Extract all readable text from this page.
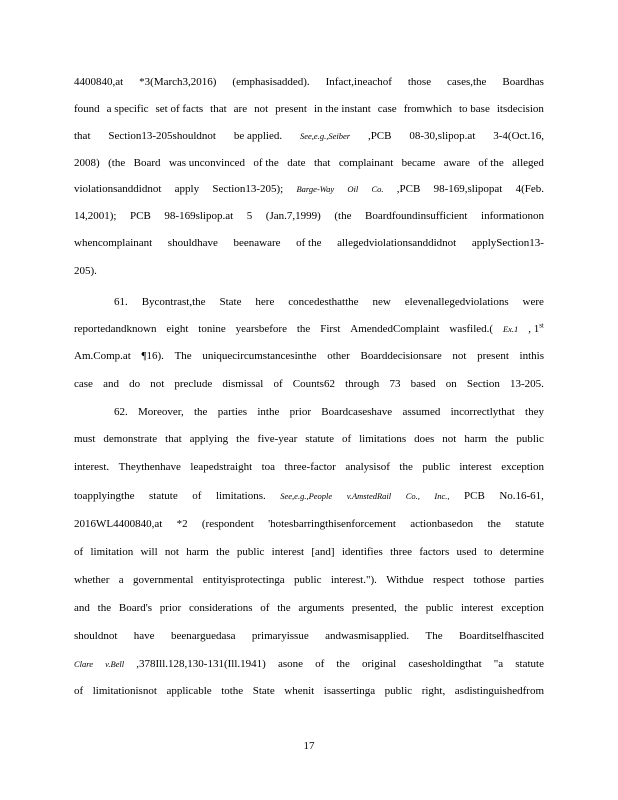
4400840,at *3(March3,2016) (emphasisadded). Infact,ineachof those cases,the Boardhas
found a specific set of facts that are not present in the instant case fromwhich to base itsdecision
that Section13-205shouldnot be applied. See,e.g.,Seiber ,PCB 08-30,slipop.at 3-4(Oct.16,
2008) (the Board was unconvinced of the date that complainant became aware of the alleged
violationsanddidnot apply Section13-205); Barge-Way Oil Co. ,PCB 98-169,slipopat 4(Feb.
14,2001); PCB 98-169slipop.at 5 (Jan.7,1999) (the Boardfoundinsufficient informationon
whencomplainant shouldhave beenaware of the allegedviolationsanddidnot applySection13-
205).
61. Bycontrast,the State here concedesthatthe new elevenallegedviolations were
reportedandknown eight tonine yearsbefore the First AmendedComplaint wasfiled.( Ex.1 , 1st
Am.Comp.at ¶16). The uniquecircumstancesinthe other Boarddecisionsare not present inthis
case and do not preclude dismissal of Counts62 through 73 based on Section 13-205.
62. Moreover, the parties inthe prior Boardcaseshave assumed incorrectlythat they
must demonstrate that applying the five-year statute of limitations does not harm the public
interest. Theythenhave leapedstraight toa three-factor analysisof the public interest exception
toapplyingthe statute of limitations. See,e.g.,People v.AmstedRail Co., Inc., PCB No.16-61,
2016WL4400840,at *2 (respondent 'hotesbarringthisenforcement actionbasedon the statute
of limitation will not harm the public interest [and] identifies three factors used to determine
whether a governmental entityisprotectinga public interest."). Withdue respect tothose parties
and the Board's prior considerations of the arguments presented, the public interest exception
shouldnot have beenarguedasa primaryissue andwasmisapplied. The Boarditselfhascited
Clare v.Bell ,378Ill.128,130-131(Ill.1941) asone of the original casesholdingthat "a statute
of limitationisnot applicable tothe State whenit isassertinga public right, asdistinguishedfrom
17
